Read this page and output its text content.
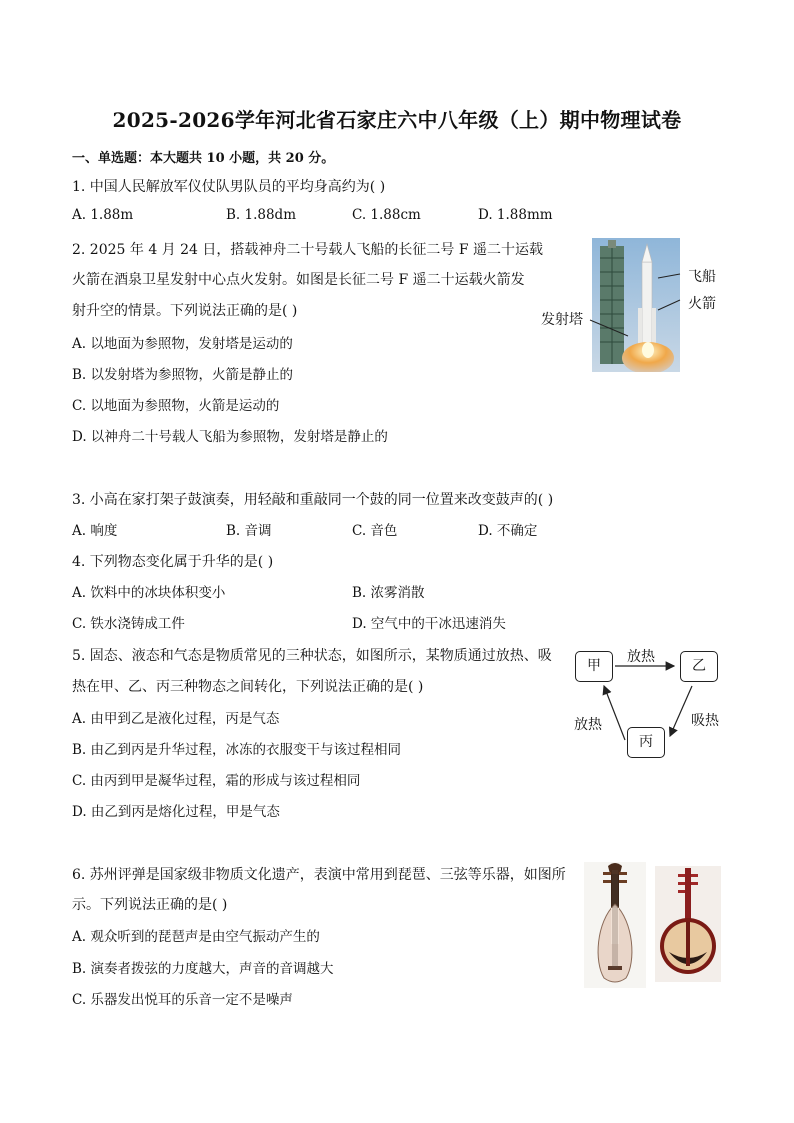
2025-2026学年河北省石家庄六中八年级（上）期中物理试卷
一、单选题：本大题共 10 小题，共 20 分。
1. 中国人民解放军仪仗队男队员的平均身高约为( )
A. 1.88m	B. 1.88dm	C. 1.88cm	D. 1.88mm
2. 2025 年 4 月 24 日，搭载神舟二十号载人飞船的长征二号 F 遥二十运载
火箭在酒泉卫星发射中心点火发射。如图是长征二号 F 遥二十运载火箭发
射升空的情景。下列说法正确的是( )
A. 以地面为参照物，发射塔是运动的
B. 以发射塔为参照物，火箭是静止的
C. 以地面为参照物，火箭是运动的
D. 以神舟二十号载人飞船为参照物，发射塔是静止的
飞船
火箭
发射塔
3. 小高在家打架子鼓演奏，用轻敲和重敲同一个鼓的同一位置来改变鼓声的( )
A. 响度	B. 音调	C. 音色	D. 不确定
4. 下列物态变化属于升华的是( )
A. 饮料中的冰块体积变小	B. 浓雾消散
C. 铁水浇铸成工件	D. 空气中的干冰迅速消失
5. 固态、液态和气态是物质常见的三种状态，如图所示，某物质通过放热、吸
热在甲、乙、丙三种物态之间转化，下列说法正确的是( )
A. 由甲到乙是液化过程，丙是气态
B. 由乙到丙是升华过程，冰冻的衣服变干与该过程相同
C. 由丙到甲是凝华过程，霜的形成与该过程相同
D. 由乙到丙是熔化过程，甲是气态
甲	乙
丙
放热
吸热
放热
6. 苏州评弹是国家级非物质文化遗产，表演中常用到琵琶、三弦等乐器，如图所
示。下列说法正确的是( )
A. 观众听到的琵琶声是由空气振动产生的
B. 演奏者拨弦的力度越大，声音的音调越大
C. 乐器发出悦耳的乐音一定不是噪声
